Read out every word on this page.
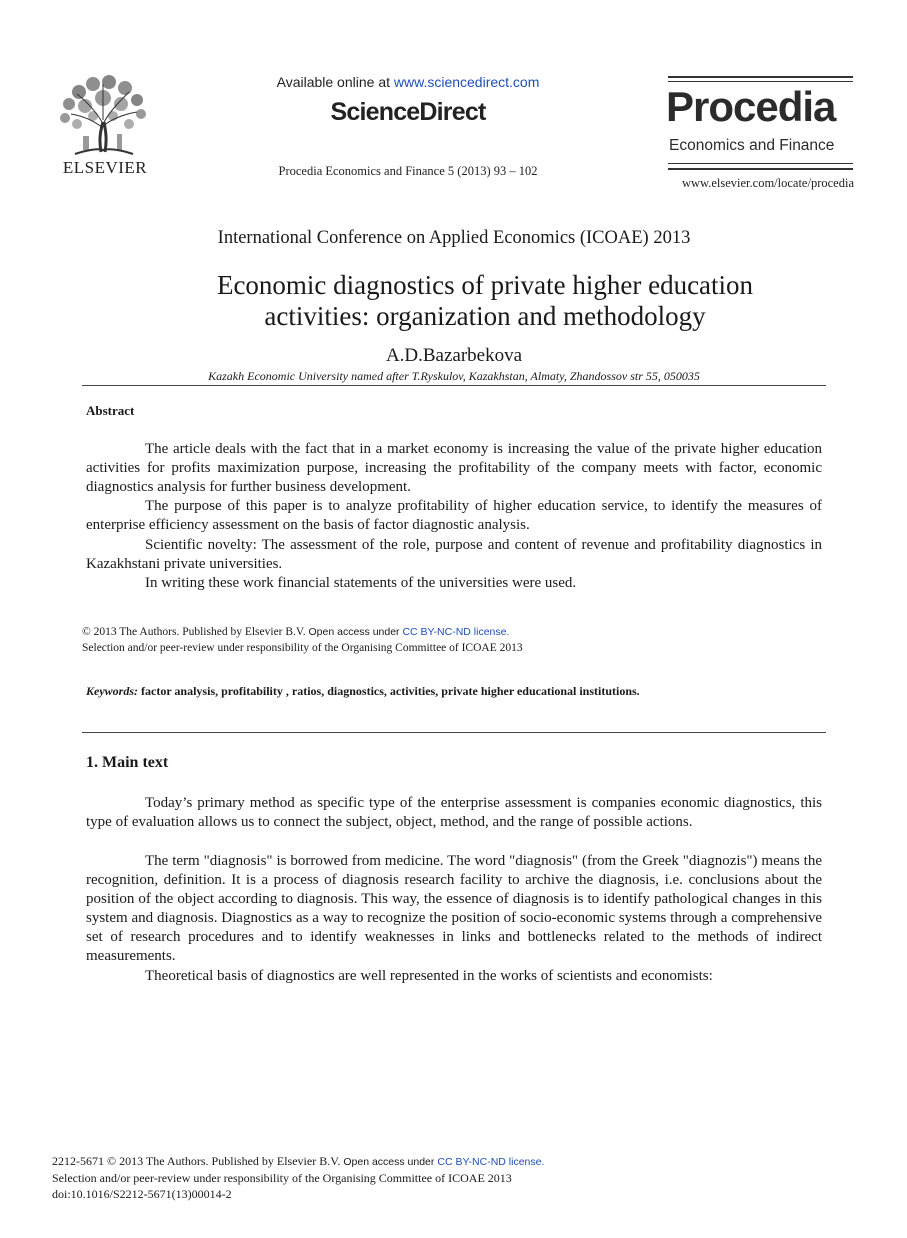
ELSEVIER
Available online at www.sciencedirect.com
ScienceDirect
Procedia Economics and Finance 5 (2013) 93 – 102
Procedia
Economics and Finance
www.elsevier.com/locate/procedia
International Conference on Applied Economics (ICOAE) 2013
Economic diagnostics of private higher education
activities: organization and methodology
A.D.Bazarbekova
Kazakh Economic University named after T.Ryskulov, Kazakhstan, Almaty, Zhandossov str 55, 050035
Abstract

The article deals with the fact that in a market economy is increasing the value of the private higher education activities for profits maximization purpose, increasing the profitability of the company meets with factor, economic diagnostics analysis for further business development.

The purpose of this paper is to analyze profitability of higher education service, to identify the measures of enterprise efficiency assessment on the basis of factor diagnostic analysis.

Scientific novelty: The assessment of the role, purpose and content of revenue and profitability diagnostics in Kazakhstani private universities.

In writing these work financial statements of the universities were used.

© 2013 The Authors. Published by Elsevier B.V. Open access under CC BY-NC-ND license.
Selection and/or peer-review under responsibility of the Organising Committee of ICOAE 2013
Keywords: factor analysis, profitability , ratios, diagnostics, activities, private higher educational institutions.
1. Main text

Today’s primary method as specific type of the enterprise assessment is companies economic diagnostics, this type of evaluation allows us to connect the subject, object, method, and the range of possible actions.

The term "diagnosis" is borrowed from medicine. The word "diagnosis" (from the Greek "diagnozis") means the recognition, definition. It is a process of diagnosis research facility to archive the diagnosis, i.e. conclusions about the position of the object according to diagnosis. This way, the essence of diagnosis is to identify pathological changes in this system and diagnosis. Diagnostics as a way to recognize the position of socio-economic systems through a comprehensive set of research procedures and to identify weaknesses in links and bottlenecks related to the methods of indirect measurements.

Theoretical basis of diagnostics are well represented in the works of scientists and economists:

2212-5671 © 2013 The Authors. Published by Elsevier B.V. Open access under CC BY-NC-ND license.
Selection and/or peer-review under responsibility of the Organising Committee of ICOAE 2013
doi:10.1016/S2212-5671(13)00014-2
